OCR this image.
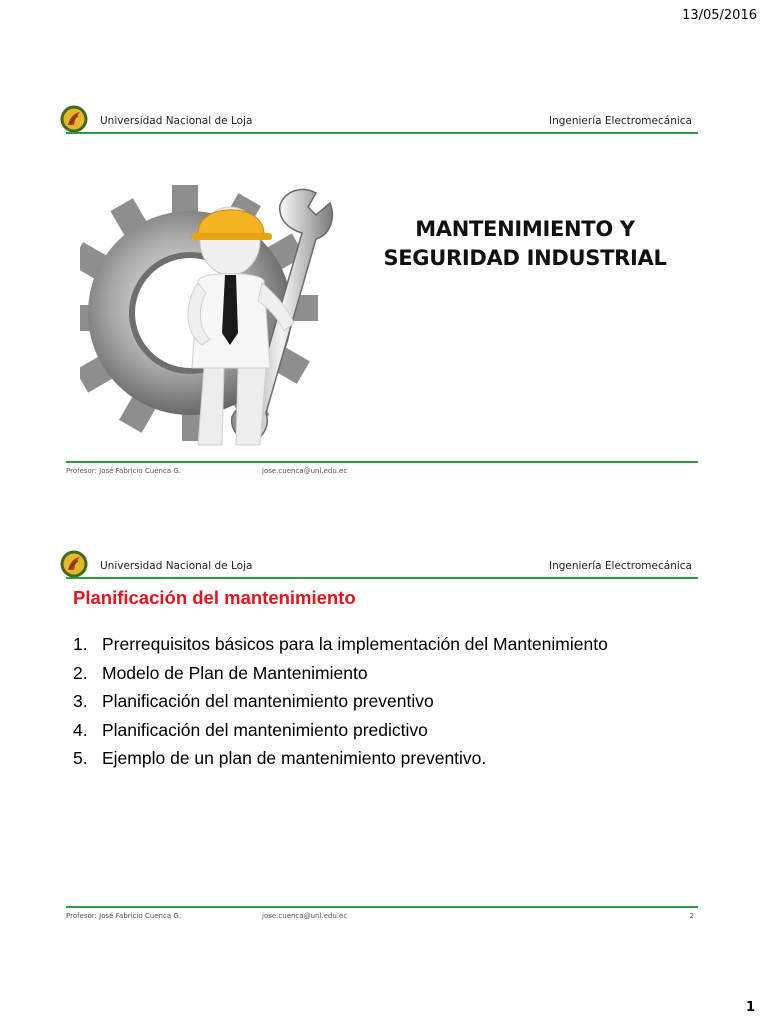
13/05/2016
Universidad Nacional de Loja	Ingeniería Electromecánica
MANTENIMIENTO Y
SEGURIDAD INDUSTRIAL
Profesor: José Fabricio Cuenca G.	jose.cuenca@unl.edu.ec
Universidad Nacional de Loja	Ingeniería Electromecánica
Planificación del mantenimiento
1. Prerrequisitos básicos para la implementación del Mantenimiento
2. Modelo de Plan de Mantenimiento
3. Planificación del mantenimiento preventivo
4. Planificación del mantenimiento predictivo
5. Ejemplo de un plan de mantenimiento preventivo.
Profesor: José Fabricio Cuenca G.	jose.cuenca@unl.edu.ec	2
1
